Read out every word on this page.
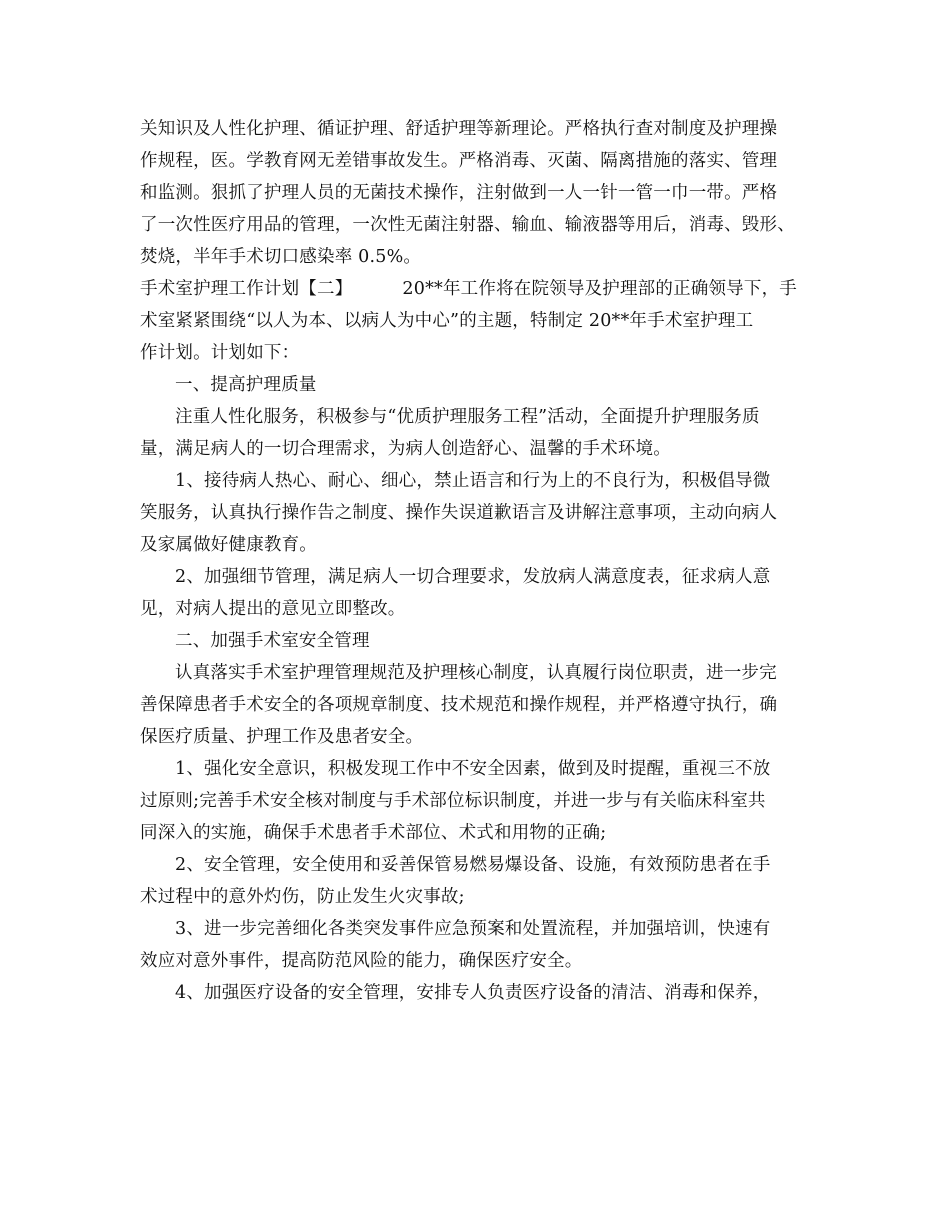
关知识及人性化护理、循证护理、舒适护理等新理论。严格执行查对制度及护理操
作规程，医。学教育网无差错事故发生。严格消毒、灭菌、隔离措施的落实、管理
和监测。狠抓了护理人员的无菌技术操作，注射做到一人一针一管一巾一带。严格
了一次性医疗用品的管理，一次性无菌注射器、输血、输液器等用后，消毒、毁形、
焚烧，半年手术切口感染率 0.5%。
手术室护理工作计划【二】	20**年工作将在院领导及护理部的正确领导下，手
术室紧紧围绕“以人为本、以病人为中心”的主题，特制定 20**年手术室护理工
作计划。计划如下：
一、提高护理质量
注重人性化服务，积极参与“优质护理服务工程”活动，全面提升护理服务质
量，满足病人的一切合理需求，为病人创造舒心、温馨的手术环境。
1、接待病人热心、耐心、细心，禁止语言和行为上的不良行为，积极倡导微
笑服务，认真执行操作告之制度、操作失误道歉语言及讲解注意事项，主动向病人
及家属做好健康教育。
2、加强细节管理，满足病人一切合理要求，发放病人满意度表，征求病人意
见，对病人提出的意见立即整改。
二、加强手术室安全管理
认真落实手术室护理管理规范及护理核心制度，认真履行岗位职责，进一步完
善保障患者手术安全的各项规章制度、技术规范和操作规程，并严格遵守执行，确
保医疗质量、护理工作及患者安全。
1、强化安全意识，积极发现工作中不安全因素，做到及时提醒，重视三不放
过原则;完善手术安全核对制度与手术部位标识制度，并进一步与有关临床科室共
同深入的实施，确保手术患者手术部位、术式和用物的正确;
2、安全管理，安全使用和妥善保管易燃易爆设备、设施，有效预防患者在手
术过程中的意外灼伤，防止发生火灾事故;
3、进一步完善细化各类突发事件应急预案和处置流程，并加强培训，快速有
效应对意外事件，提高防范风险的能力，确保医疗安全。
4、加强医疗设备的安全管理，安排专人负责医疗设备的清洁、消毒和保养，
